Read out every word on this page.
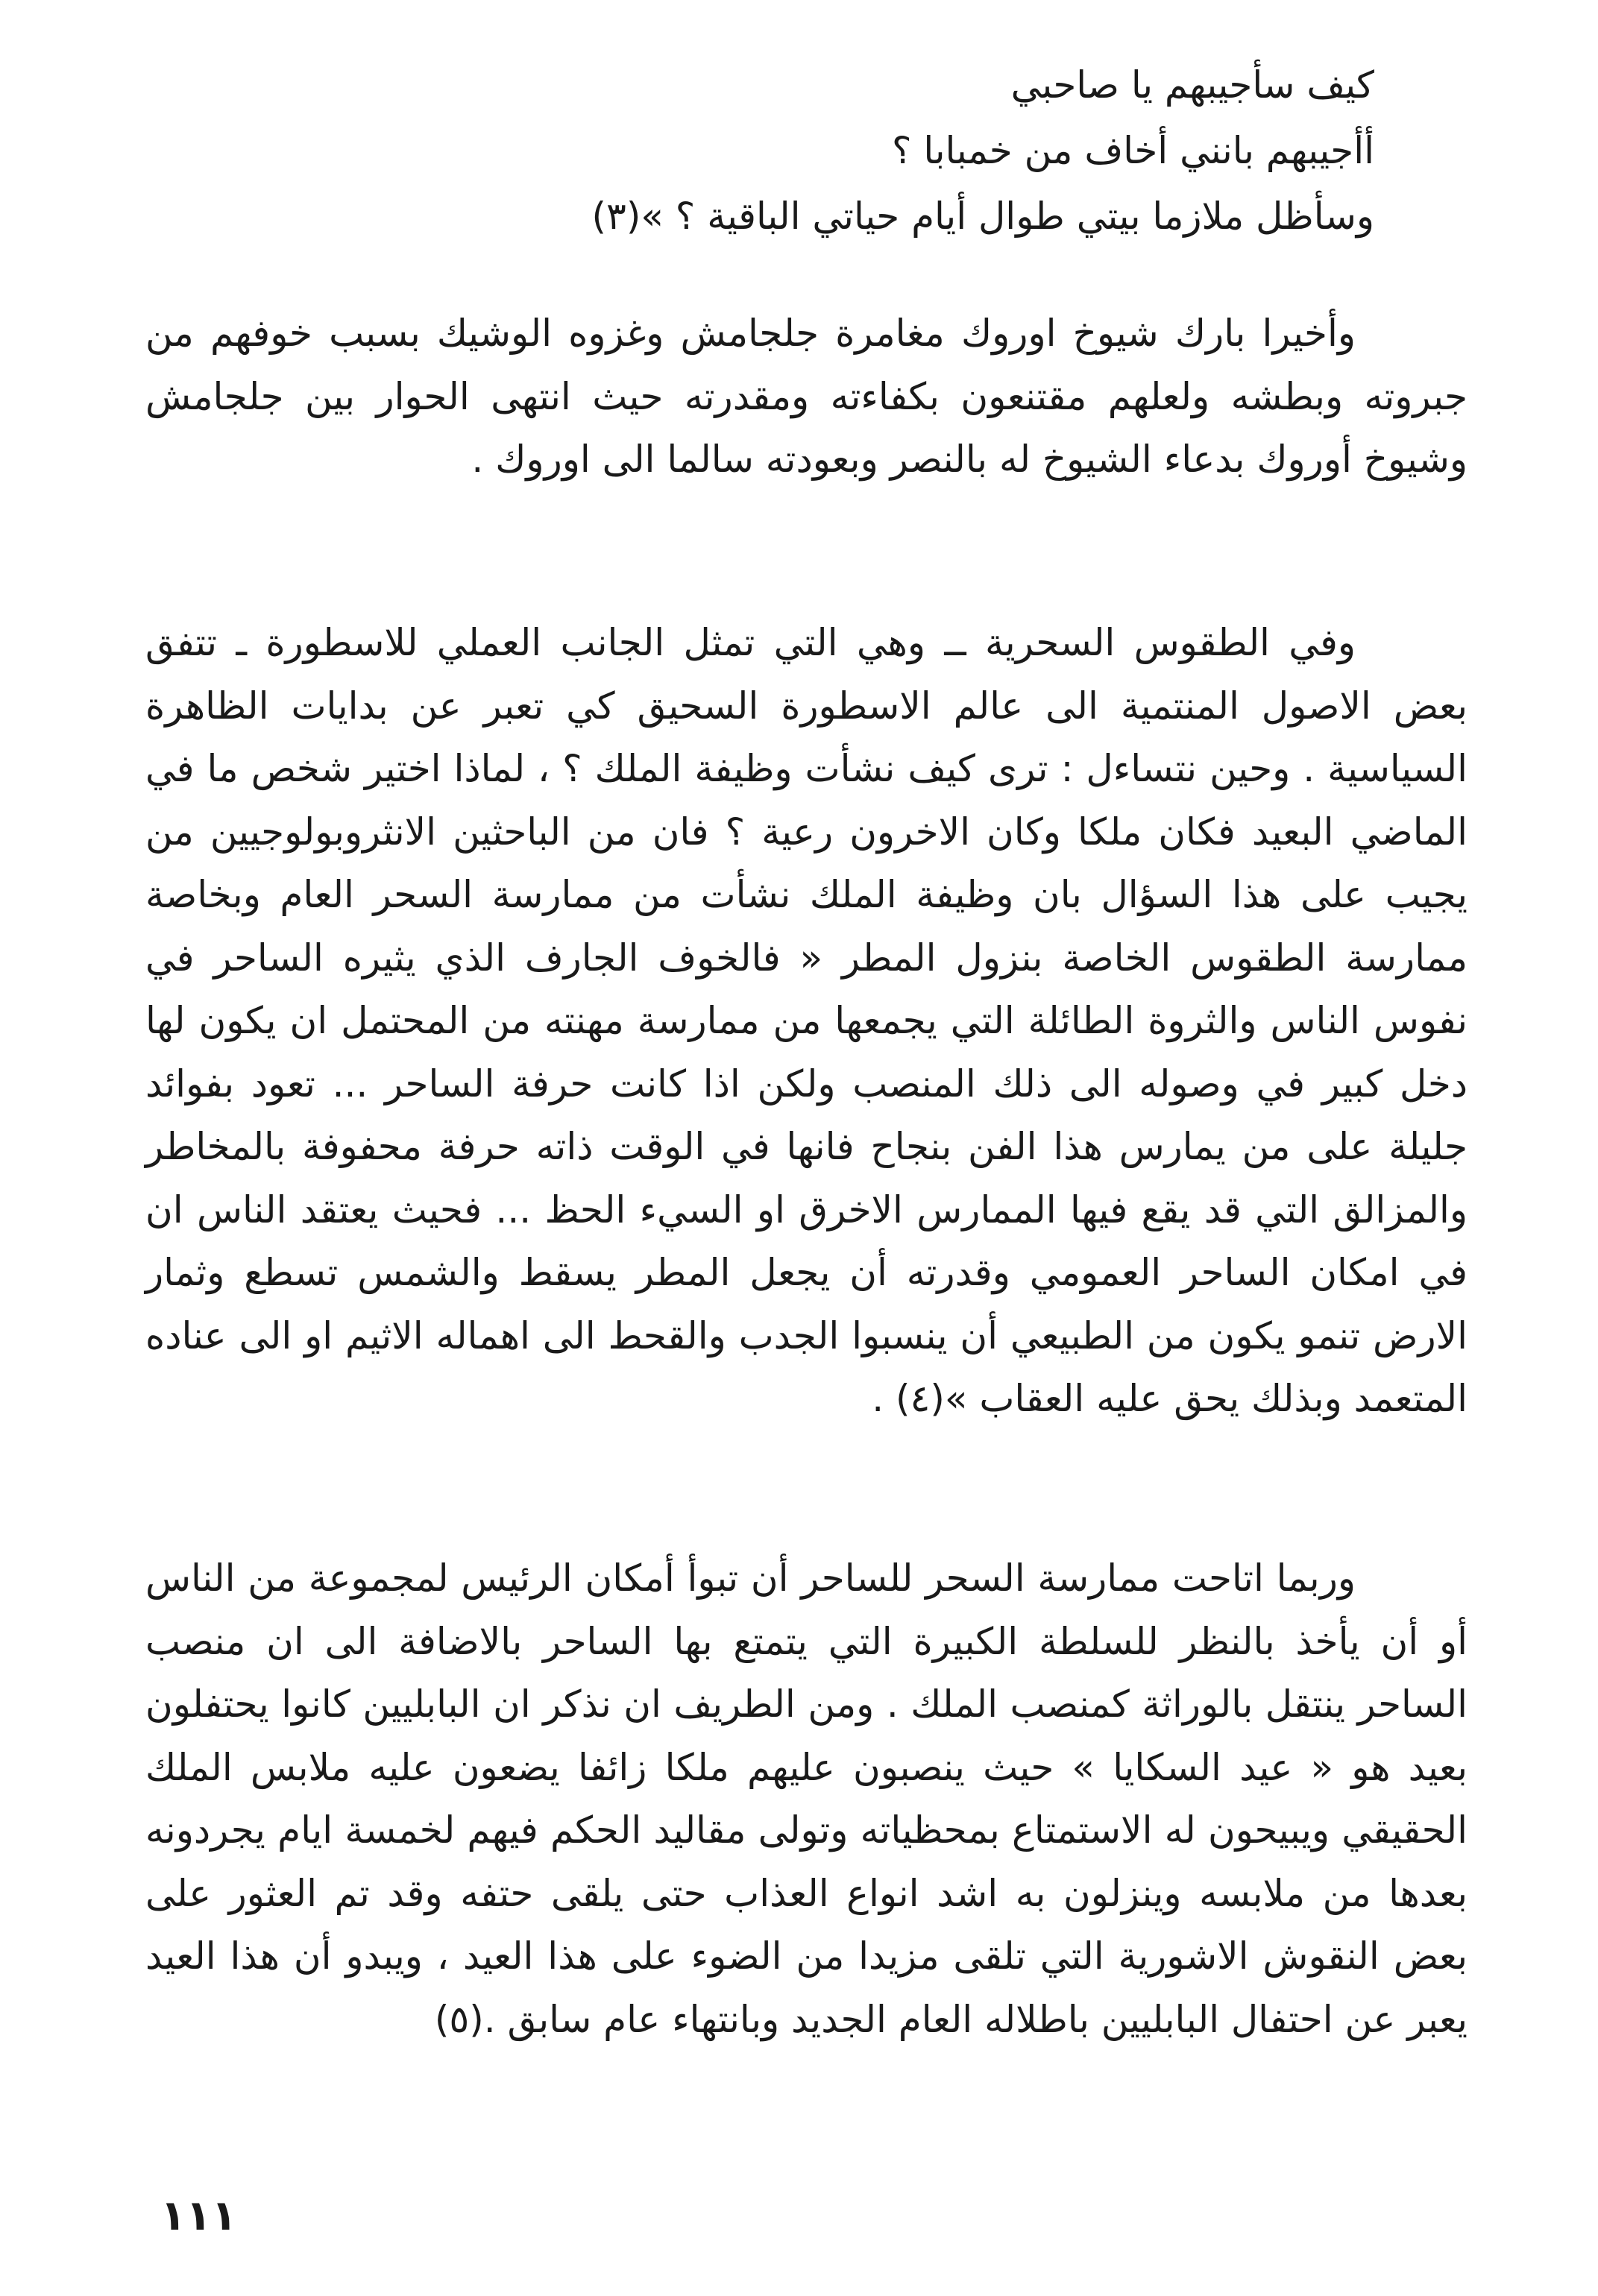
كيف سأجيبهم يا صاحبي
أأجيبهم بانني أخاف من خمبابا ؟
وسأظل ملازما بيتي طوال أيام حياتي الباقية ؟ »(٣)

وأخيرا بارك شيوخ اوروك مغامرة جلجامش وغزوه الوشيك بسبب خوفهم من جبروته وبطشه ولعلهم مقتنعون بكفاءته ومقدرته حيث انتهى الحوار بين جلجامش وشيوخ أوروك بدعاء الشيوخ له بالنصر وبعودته سالما الى اوروك .

وفي الطقوس السحرية ــ وهي التي تمثل الجانب العملي للاسطورة ـ تتفق بعض الاصول المنتمية الى عالم الاسطورة السحيق كي تعبر عن بدايات الظاهرة السياسية . وحين نتساءل : ترى كيف نشأت وظيفة الملك ؟ ، لماذا اختير شخص ما في الماضي البعيد فكان ملكا وكان الاخرون رعية ؟ فان من الباحثين الانثروبولوجيين من يجيب على هذا السؤال بان وظيفة الملك نشأت من ممارسة السحر العام وبخاصة ممارسة الطقوس الخاصة بنزول المطر « فالخوف الجارف الذي يثيره الساحر في نفوس الناس والثروة الطائلة التي يجمعها من ممارسة مهنته من المحتمل ان يكون لها دخل كبير في وصوله الى ذلك المنصب ولكن اذا كانت حرفة الساحر ... تعود بفوائد جليلة على من يمارس هذا الفن بنجاح فانها في الوقت ذاته حرفة محفوفة بالمخاطر والمزالق التي قد يقع فيها الممارس الاخرق او السيء الحظ ... فحيث يعتقد الناس ان في امكان الساحر العمومي وقدرته أن يجعل المطر يسقط والشمس تسطع وثمار الارض تنمو يكون من الطبيعي أن ينسبوا الجدب والقحط الى اهماله الاثيم او الى عناده المتعمد وبذلك يحق عليه العقاب »(٤) .

وربما اتاحت ممارسة السحر للساحر أن تبوأ أمكان الرئيس لمجموعة من الناس أو أن يأخذ بالنظر للسلطة الكبيرة التي يتمتع بها الساحر بالاضافة الى ان منصب الساحر ينتقل بالوراثة كمنصب الملك . ومن الطريف ان نذكر ان البابليين كانوا يحتفلون بعيد هو « عيد السكايا » حيث ينصبون عليهم ملكا زائفا يضعون عليه ملابس الملك الحقيقي ويبيحون له الاستمتاع بمحظياته وتولى مقاليد الحكم فيهم لخمسة ايام يجردونه بعدها من ملابسه وينزلون به اشد انواع العذاب حتى يلقى حتفه وقد تم العثور على بعض النقوش الاشورية التي تلقى مزيدا من الضوء على هذا العيد ، ويبدو أن هذا العيد يعبر عن احتفال البابليين باطلاله العام الجديد وبانتهاء عام سابق .(٥)

١١١
